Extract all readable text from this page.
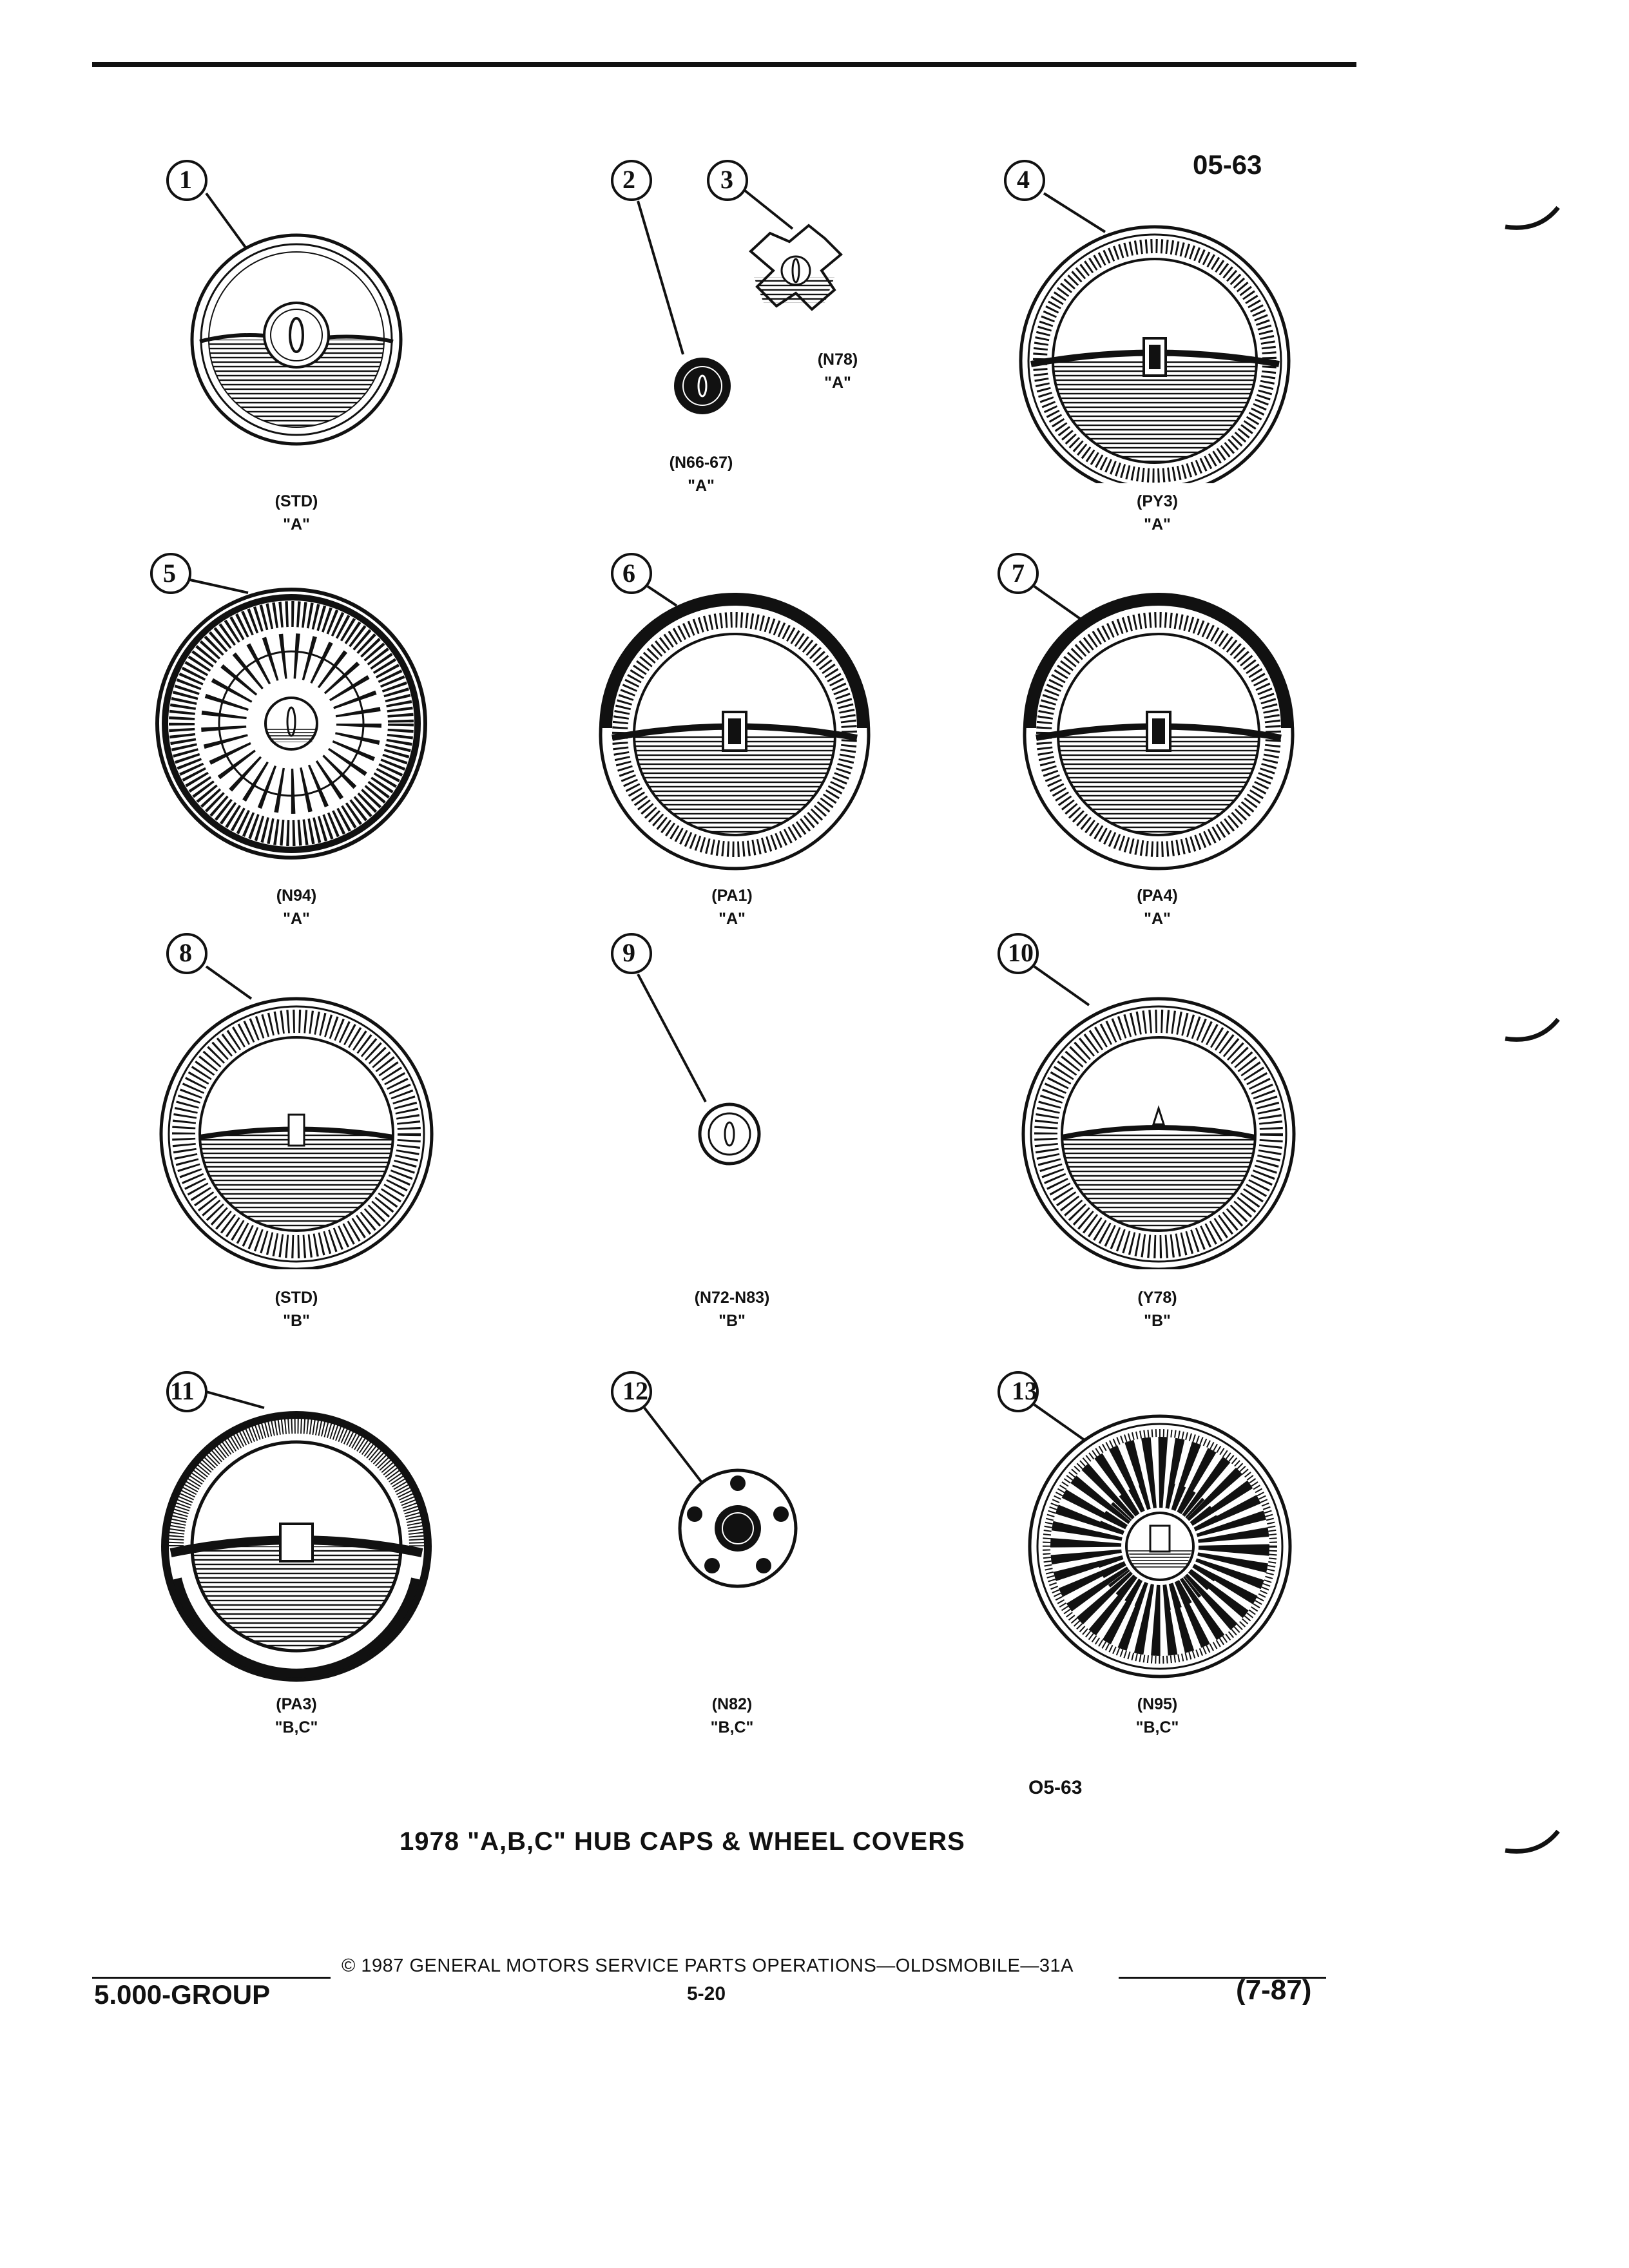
05-63
1
(STD)
"A"
2
(N66-67)
"A"
3
(N78)
"A"
4
(PY3)
"A"
5
(N94)
"A"
6
(PA1)
"A"
7
(PA4)
"A"
8
(STD)
"B"
9
(N72-N83)
"B"
10
(Y78)
"B"
11
(PA3)
"B,C"
12
(N82)
"B,C"
13
(N95)
"B,C"
O5-63
1978 "A,B,C" HUB CAPS & WHEEL COVERS
© 1987 GENERAL MOTORS SERVICE PARTS OPERATIONS—OLDSMOBILE—31A
5.000-GROUP	5-20	(7-87)
